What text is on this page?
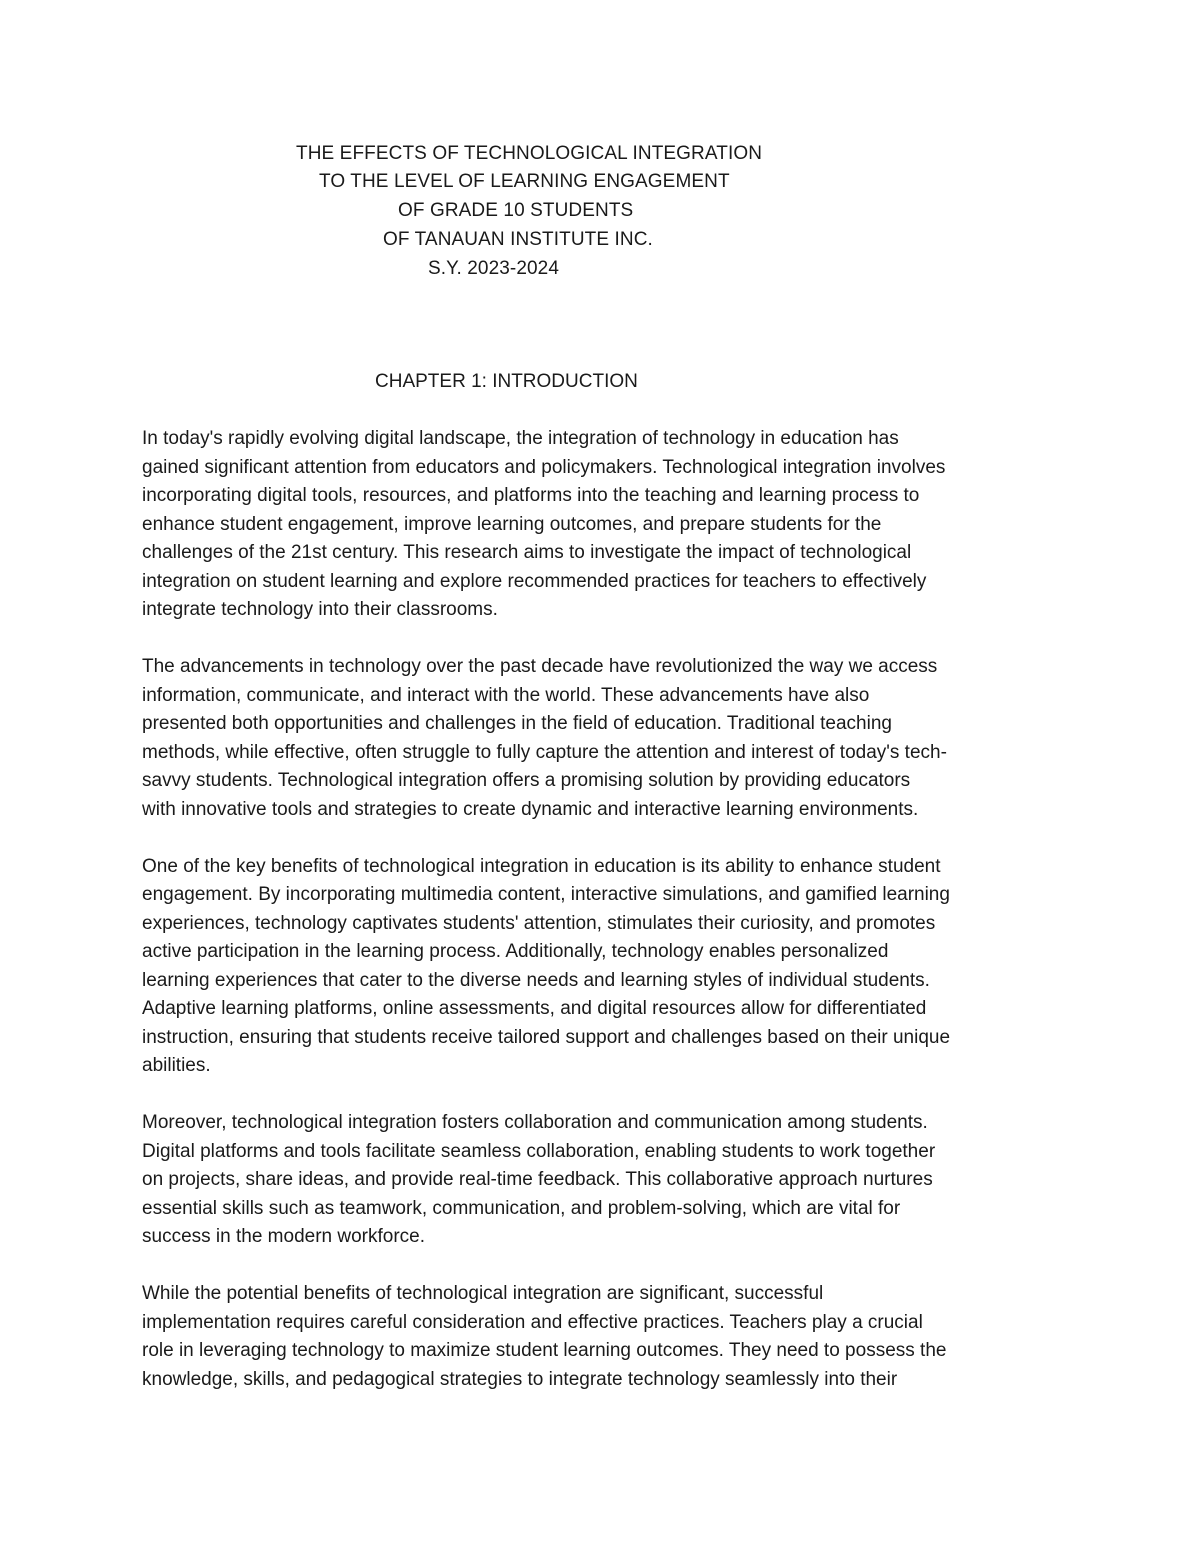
THE EFFECTS OF TECHNOLOGICAL INTEGRATION
TO THE LEVEL OF LEARNING ENGAGEMENT
OF GRADE 10 STUDENTS
OF TANAUAN INSTITUTE INC.
S.Y. 2023-2024
CHAPTER 1: INTRODUCTION

In today's rapidly evolving digital landscape, the integration of technology in education has
gained significant attention from educators and policymakers. Technological integration involves
incorporating digital tools, resources, and platforms into the teaching and learning process to
enhance student engagement, improve learning outcomes, and prepare students for the
challenges of the 21st century. This research aims to investigate the impact of technological
integration on student learning and explore recommended practices for teachers to effectively
integrate technology into their classrooms.

The advancements in technology over the past decade have revolutionized the way we access
information, communicate, and interact with the world. These advancements have also
presented both opportunities and challenges in the field of education. Traditional teaching
methods, while effective, often struggle to fully capture the attention and interest of today's tech-
savvy students. Technological integration offers a promising solution by providing educators
with innovative tools and strategies to create dynamic and interactive learning environments.

One of the key benefits of technological integration in education is its ability to enhance student
engagement. By incorporating multimedia content, interactive simulations, and gamified learning
experiences, technology captivates students' attention, stimulates their curiosity, and promotes
active participation in the learning process. Additionally, technology enables personalized
learning experiences that cater to the diverse needs and learning styles of individual students.
Adaptive learning platforms, online assessments, and digital resources allow for differentiated
instruction, ensuring that students receive tailored support and challenges based on their unique
abilities.

Moreover, technological integration fosters collaboration and communication among students.
Digital platforms and tools facilitate seamless collaboration, enabling students to work together
on projects, share ideas, and provide real-time feedback. This collaborative approach nurtures
essential skills such as teamwork, communication, and problem-solving, which are vital for
success in the modern workforce.

While the potential benefits of technological integration are significant, successful
implementation requires careful consideration and effective practices. Teachers play a crucial
role in leveraging technology to maximize student learning outcomes. They need to possess the
knowledge, skills, and pedagogical strategies to integrate technology seamlessly into their
